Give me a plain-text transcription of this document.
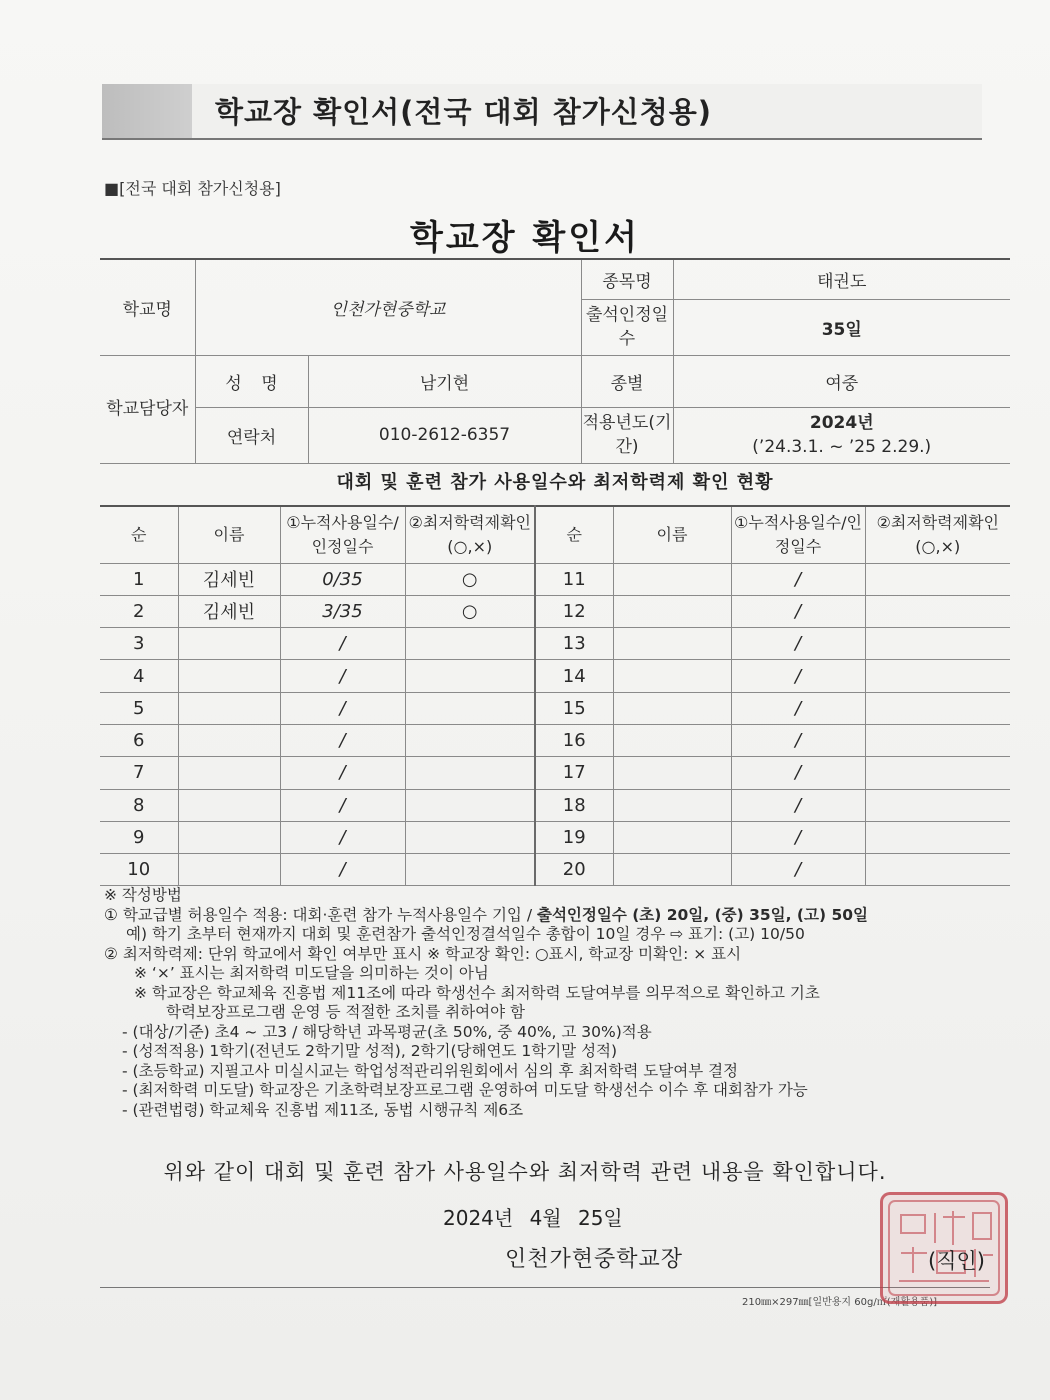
학교장 확인서(전국 대회 참가신청용)
■[전국 대회 참가신청용]
학교장 확인서
학교명	인천가현중학교		종목명	태권도
			출석인정일수	35일
학교담당자	성 명	남기현	종별	여중
	연락처	010-2612-6357	적용년도(기간)	2024년
(’24.3.1. ~ ’25 2.29.)
대회 및 훈련 참가 사용일수와 최저학력제 확인 현황
순	이름	①누적사용일수/인정일수	②최저학력제확인(○,×)	순	이름	①누적사용일수/인정일수	②최저학력제확인(○,×)
1	김세빈	0/35	○	11		/	
2	김세빈	3/35	○	12		/	
3		/		13		/	
4		/		14		/	
5		/		15		/	
6		/		16		/	
7		/		17		/	
8		/		18		/	
9		/		19		/	
10		/		20		/	
※ 작성방법
① 학교급별 허용일수 적용: 대회·훈련 참가 누적사용일수 기입 / 출석인정일수 (초) 20일, (중) 35일, (고) 50일
예) 학기 초부터 현재까지 대회 및 훈련참가 출석인정결석일수 총합이 10일 경우 ⇨ 표기: (고) 10/50
② 최저학력제: 단위 학교에서 확인 여부만 표시 ※ 학교장 확인: ○표시, 학교장 미확인: × 표시
※ ‘×’ 표시는 최저학력 미도달을 의미하는 것이 아님
※ 학교장은 학교체육 진흥법 제11조에 따라 학생선수 최저학력 도달여부를 의무적으로 확인하고 기초
학력보장프로그램 운영 등 적절한 조치를 취하여야 함
- (대상/기준) 초4 ~ 고3 / 해당학년 과목평균(초 50%, 중 40%, 고 30%)적용
- (성적적용) 1학기(전년도 2학기말 성적), 2학기(당해연도 1학기말 성적)
- (초등학교) 지필고사 미실시교는 학업성적관리위원회에서 심의 후 최저학력 도달여부 결정
- (최저학력 미도달) 학교장은 기초학력보장프로그램 운영하여 미도달 학생선수 이수 후 대회참가 가능
- (관련법령) 학교체육 진흥법 제11조, 동법 시행규칙 제6조
위와 같이 대회 및 훈련 참가 사용일수와 최저학력 관련 내용을 확인합니다.
2024년 4월 25일
인천가현중학교장	(직인)
210㎜×297㎜[일반용지 60g/㎡(재활용품)]
